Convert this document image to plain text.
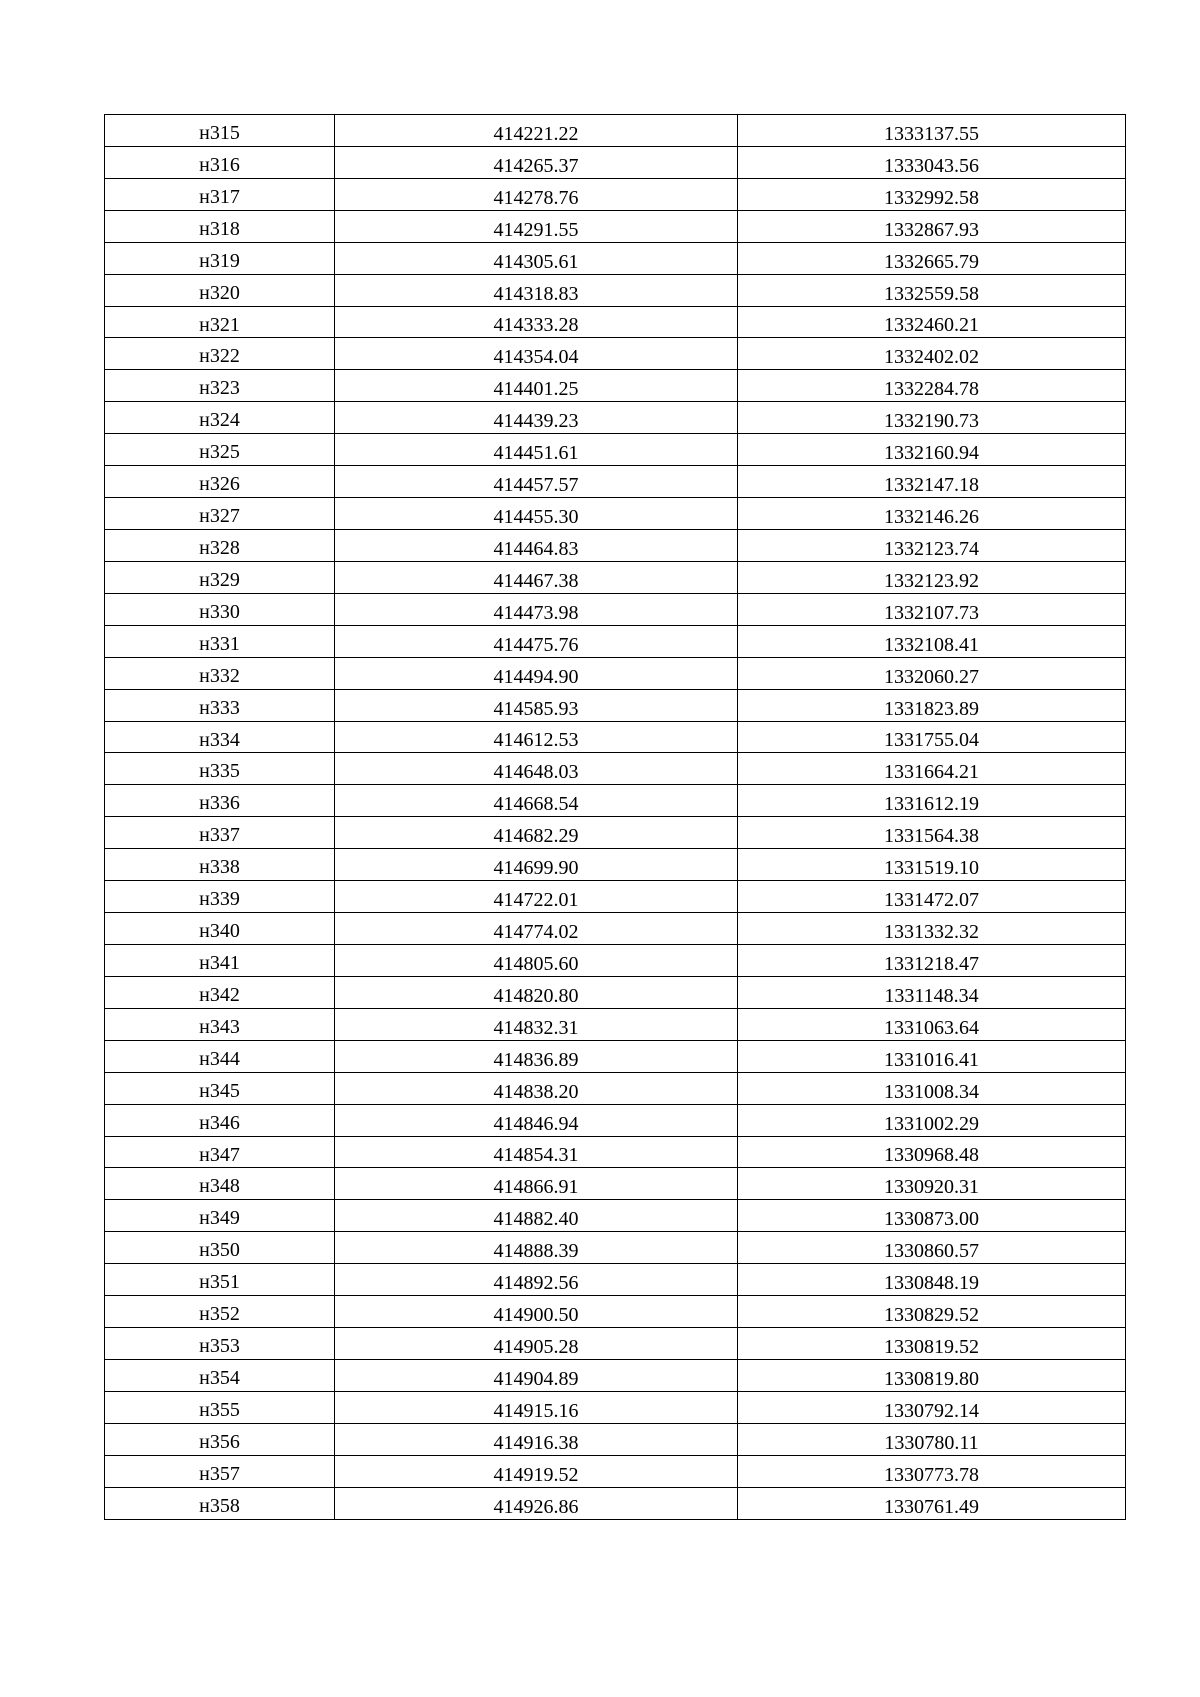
н315	414221.22	1333137.55
н316	414265.37	1333043.56
н317	414278.76	1332992.58
н318	414291.55	1332867.93
н319	414305.61	1332665.79
н320	414318.83	1332559.58
н321	414333.28	1332460.21
н322	414354.04	1332402.02
н323	414401.25	1332284.78
н324	414439.23	1332190.73
н325	414451.61	1332160.94
н326	414457.57	1332147.18
н327	414455.30	1332146.26
н328	414464.83	1332123.74
н329	414467.38	1332123.92
н330	414473.98	1332107.73
н331	414475.76	1332108.41
н332	414494.90	1332060.27
н333	414585.93	1331823.89
н334	414612.53	1331755.04
н335	414648.03	1331664.21
н336	414668.54	1331612.19
н337	414682.29	1331564.38
н338	414699.90	1331519.10
н339	414722.01	1331472.07
н340	414774.02	1331332.32
н341	414805.60	1331218.47
н342	414820.80	1331148.34
н343	414832.31	1331063.64
н344	414836.89	1331016.41
н345	414838.20	1331008.34
н346	414846.94	1331002.29
н347	414854.31	1330968.48
н348	414866.91	1330920.31
н349	414882.40	1330873.00
н350	414888.39	1330860.57
н351	414892.56	1330848.19
н352	414900.50	1330829.52
н353	414905.28	1330819.52
н354	414904.89	1330819.80
н355	414915.16	1330792.14
н356	414916.38	1330780.11
н357	414919.52	1330773.78
н358	414926.86	1330761.49
